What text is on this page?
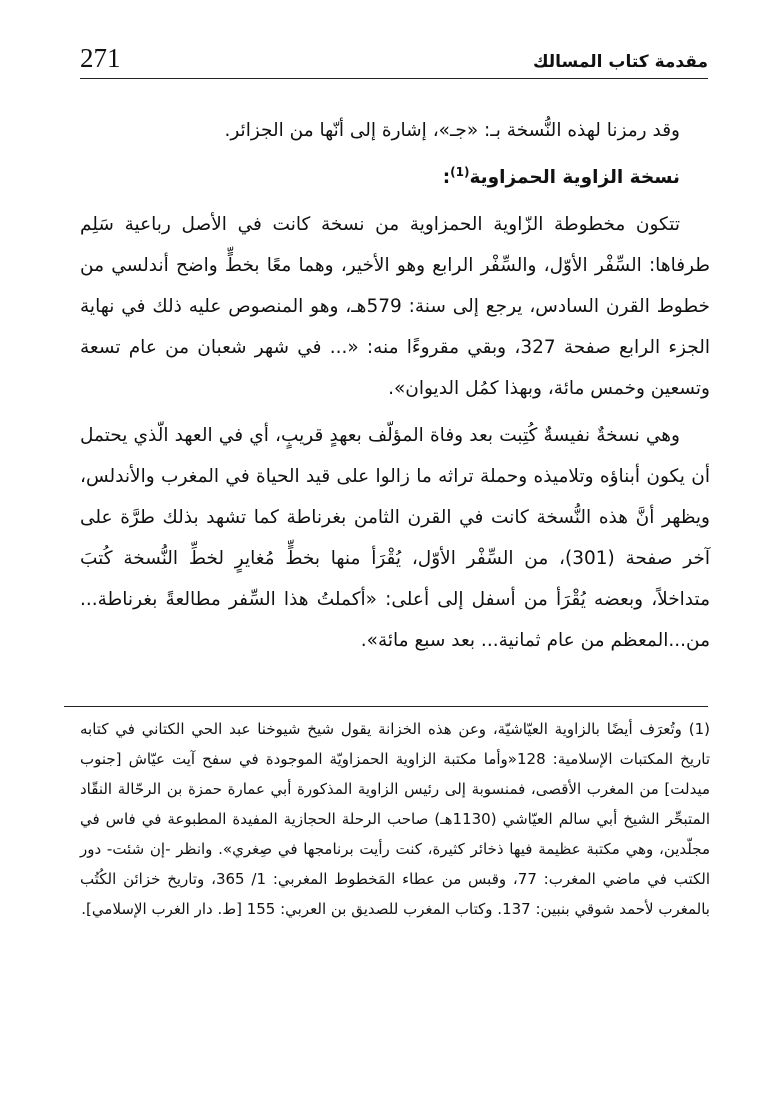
271	مقدمة كتاب المسالك

وقد رمزنا لهذه النُّسخة بـ: «جـ»، إشارة إلى أنّها من الجزائر.

نسخة الزاوية الحمزاوية$^{(1)}$:

تتكون مخطوطة الزّاوية الحمزاوية من نسخة كانت في الأصل رباعية سَلِم طرفاها: السِّفْر الأوّل، والسِّفْر الرابع وهو الأخير، وهما معًا بخطٍّ واضح أندلسي من خطوط القرن السادس، يرجع إلى سنة: 579هـ، وهو المنصوص عليه ذلك في نهاية الجزء الرابع صفحة 327، وبقي مقروءًا منه: «... في شهر شعبان من عام تسعة وتسعين وخمس مائة، وبهذا كمُل الديوان».

وهي نسخةٌ نفيسةٌ كُتِبت بعد وفاة المؤلّف بعهدٍ قريبٍ، أي في العهد الّذي يحتمل أن يكون أبناؤه وتلاميذه وحملة تراثه ما زالوا على قيد الحياة في المغرب والأندلس، ويظهر أنَّ هذه النُّسخة كانت في القرن الثامن بغرناطة كما تشهد بذلك طرَّة على آخر صفحة (301)، من السِّفْر الأوّل، يُقْرَأ منها بخطٍّ مُغايرٍ لخطِّ النُّسخة كُتبَ متداخلاً، وبعضه يُقْرَأ من أسفل إلى أعلى: «أكملتُ هذا السِّفر مطالعةً بغرناطة... من...المعظم من عام ثمانية... بعد سبع مائة».

(1) وتُعرَف أيضًا بالزاوية العيّاشيّة، وعن هذه الخزانة يقول شيخ شيوخنا عبد الحي الكتاني في كتابه تاريخ المكتبات الإسلامية: 128«وأما مكتبة الزاوية الحمزاويّة الموجودة في سفح آيت عيّاش [جنوب ميدلت] من المغرب الأقصى، فمنسوبة إلى رئيس الزاوية المذكورة أبي عمارة حمزة بن الرحّالة النقّاد المتبحِّر الشيخ أبي سالم العيّاشي (1130هـ) صاحب الرحلة الحجازية المفيدة المطبوعة في فاس في مجلّدين، وهي مكتبة عظيمة فيها ذخائر كثيرة، كنت رأيت برنامجها في صِغري». وانظر -إن شئت- دور الكتب في ماضي المغرب: 77، وقبس من عطاء المَخطوط المغربي: 1/ 365، وتاريخ خزائن الكُتُب بالمغرب لأحمد شوقي بنبين: 137. وكتاب المغرب للصديق بن العربي: 155 [ط. دار الغرب الإسلامي].
